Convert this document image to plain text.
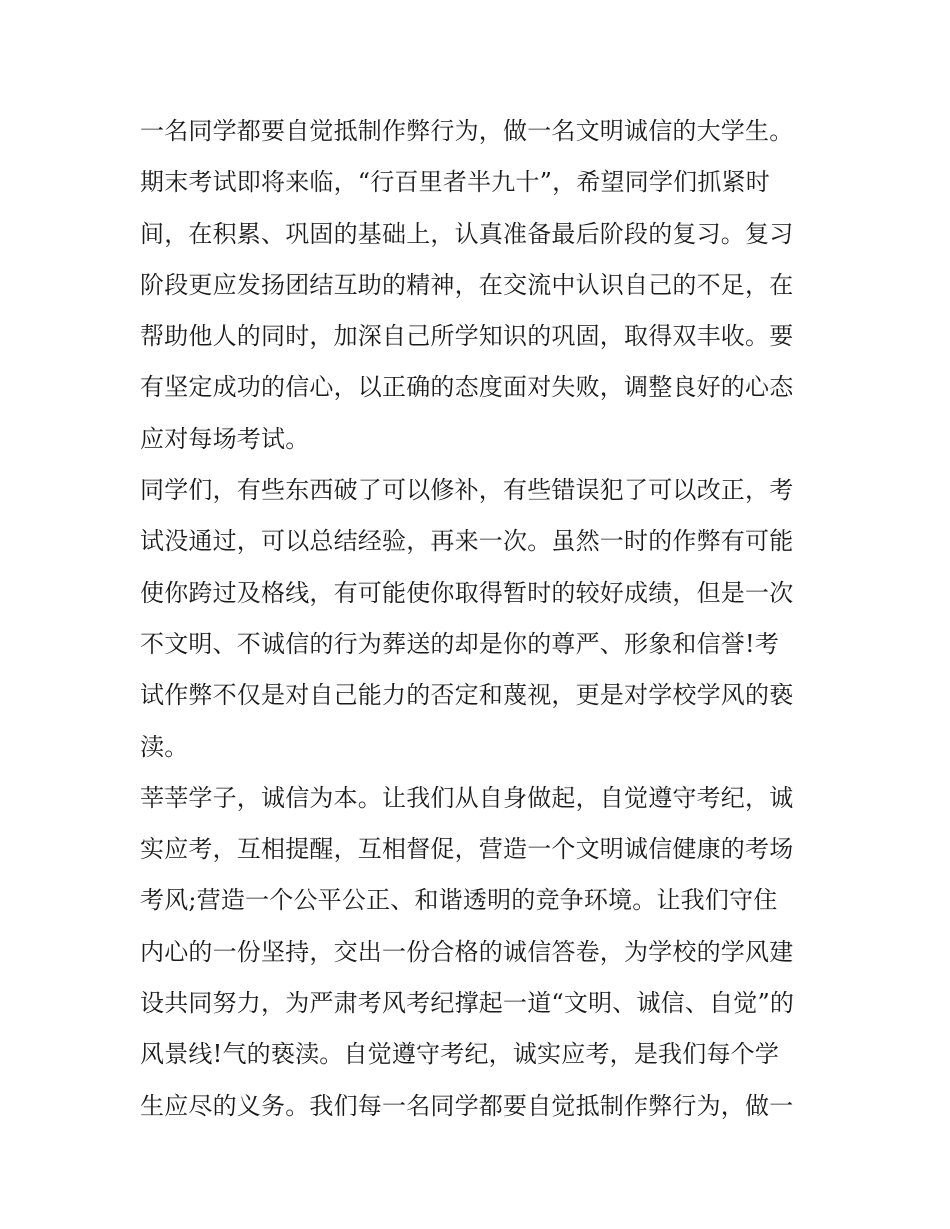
一名同学都要自觉抵制作弊行为，做一名文明诚信的大学生。
期末考试即将来临，“行百里者半九十”，希望同学们抓紧时
间，在积累、巩固的基础上，认真准备最后阶段的复习。复习
阶段更应发扬团结互助的精神，在交流中认识自己的不足，在
帮助他人的同时，加深自己所学知识的巩固，取得双丰收。要
有坚定成功的信心，以正确的态度面对失败，调整良好的心态
应对每场考试。
同学们，有些东西破了可以修补，有些错误犯了可以改正，考
试没通过，可以总结经验，再来一次。虽然一时的作弊有可能
使你跨过及格线，有可能使你取得暂时的较好成绩，但是一次
不文明、不诚信的行为葬送的却是你的尊严、形象和信誉!考
试作弊不仅是对自己能力的否定和蔑视，更是对学校学风的亵
渎。
莘莘学子，诚信为本。让我们从自身做起，自觉遵守考纪，诚
实应考，互相提醒，互相督促，营造一个文明诚信健康的考场
考风;营造一个公平公正、和谐透明的竞争环境。让我们守住
内心的一份坚持，交出一份合格的诚信答卷，为学校的学风建
设共同努力，为严肃考风考纪撑起一道“文明、诚信、自觉”的
风景线!气的亵渎。自觉遵守考纪，诚实应考，是我们每个学
生应尽的义务。我们每一名同学都要自觉抵制作弊行为，做一
